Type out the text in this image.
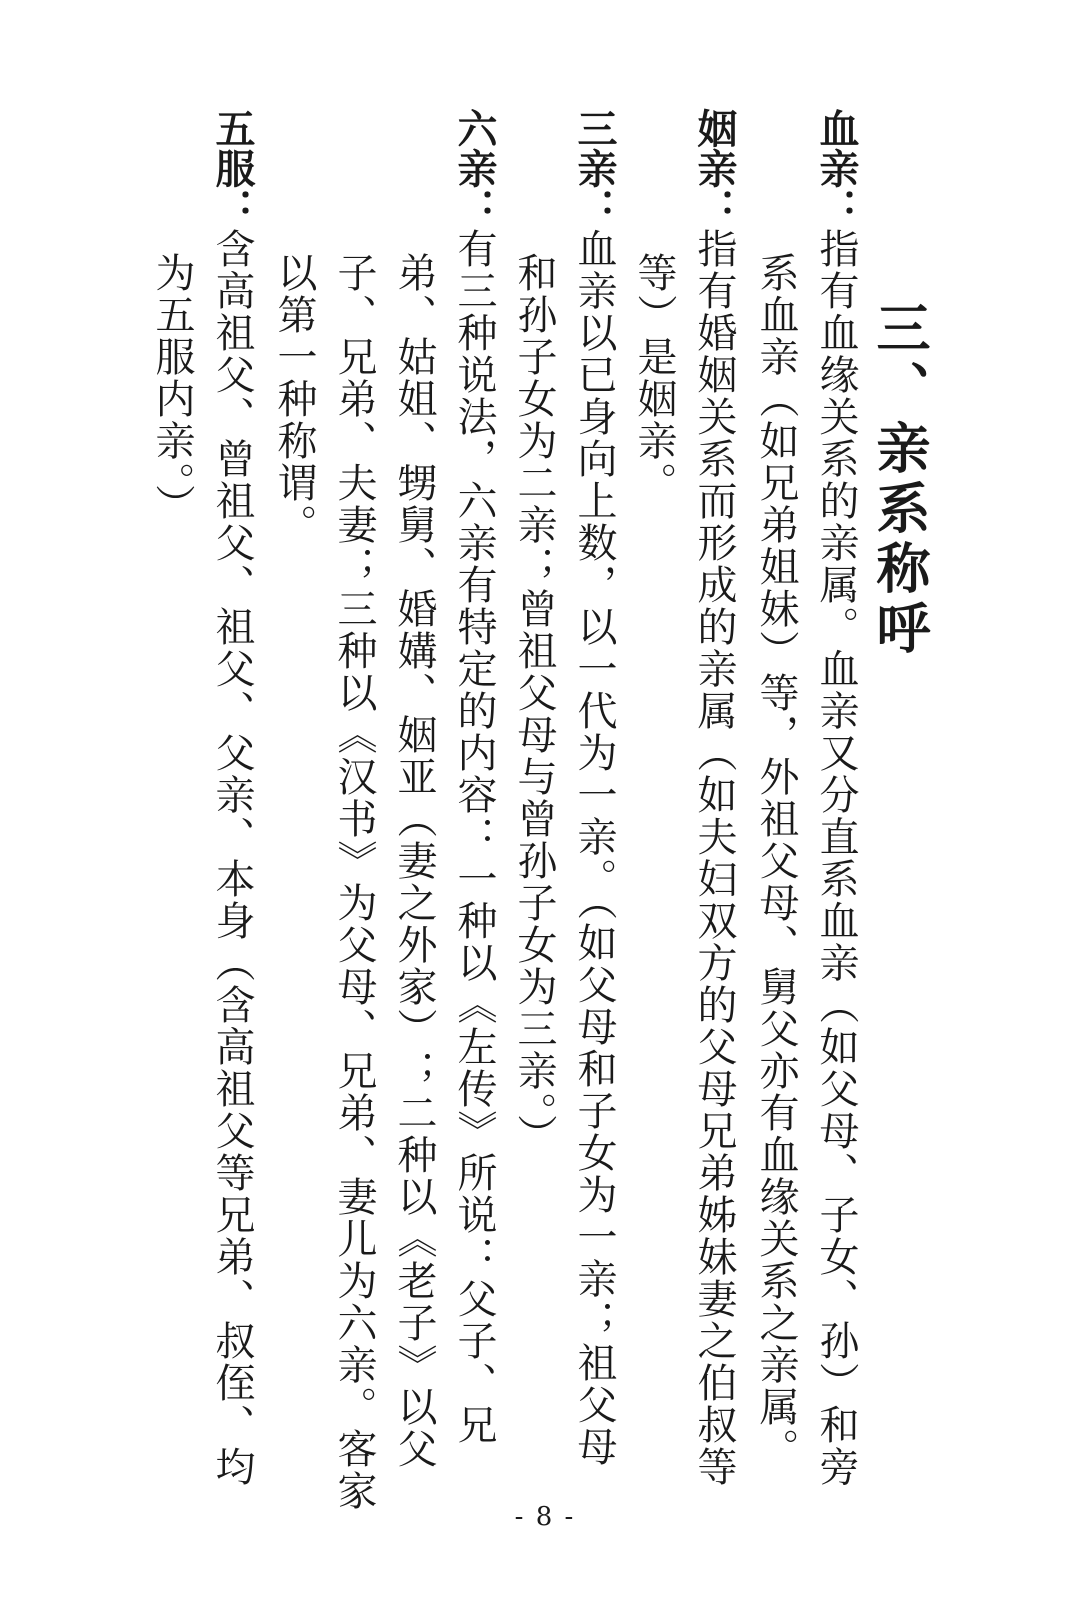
三、亲系称呼
血亲：指有血缘关系的亲属。血亲又分直系血亲（如父母、子女、孙）和旁
系血亲（如兄弟姐妹）等，外祖父母、舅父亦有血缘关系之亲属。
姻亲：指有婚姻关系而形成的亲属（如夫妇双方的父母兄弟姊妹妻之伯叔等
等）是姻亲。
三亲：血亲以已身向上数，以一代为一亲。（如父母和子女为一亲；祖父母
和孙子女为二亲；曾祖父母与曾孙子女为三亲。）
六亲：有三种说法，六亲有特定的内容：一种以《左传》所说：父子、兄
弟、姑姐、甥舅、婚媾、姻亚（妻之外家）；二种以《老子》以父
子、兄弟、夫妻；三种以《汉书》为父母、兄弟、妻儿为六亲。客家
以第一种称谓。
五服：含高祖父、曾祖父、祖父、父亲、本身（含高祖父等兄弟、叔侄、均
为五服内亲。）
- 8 -
